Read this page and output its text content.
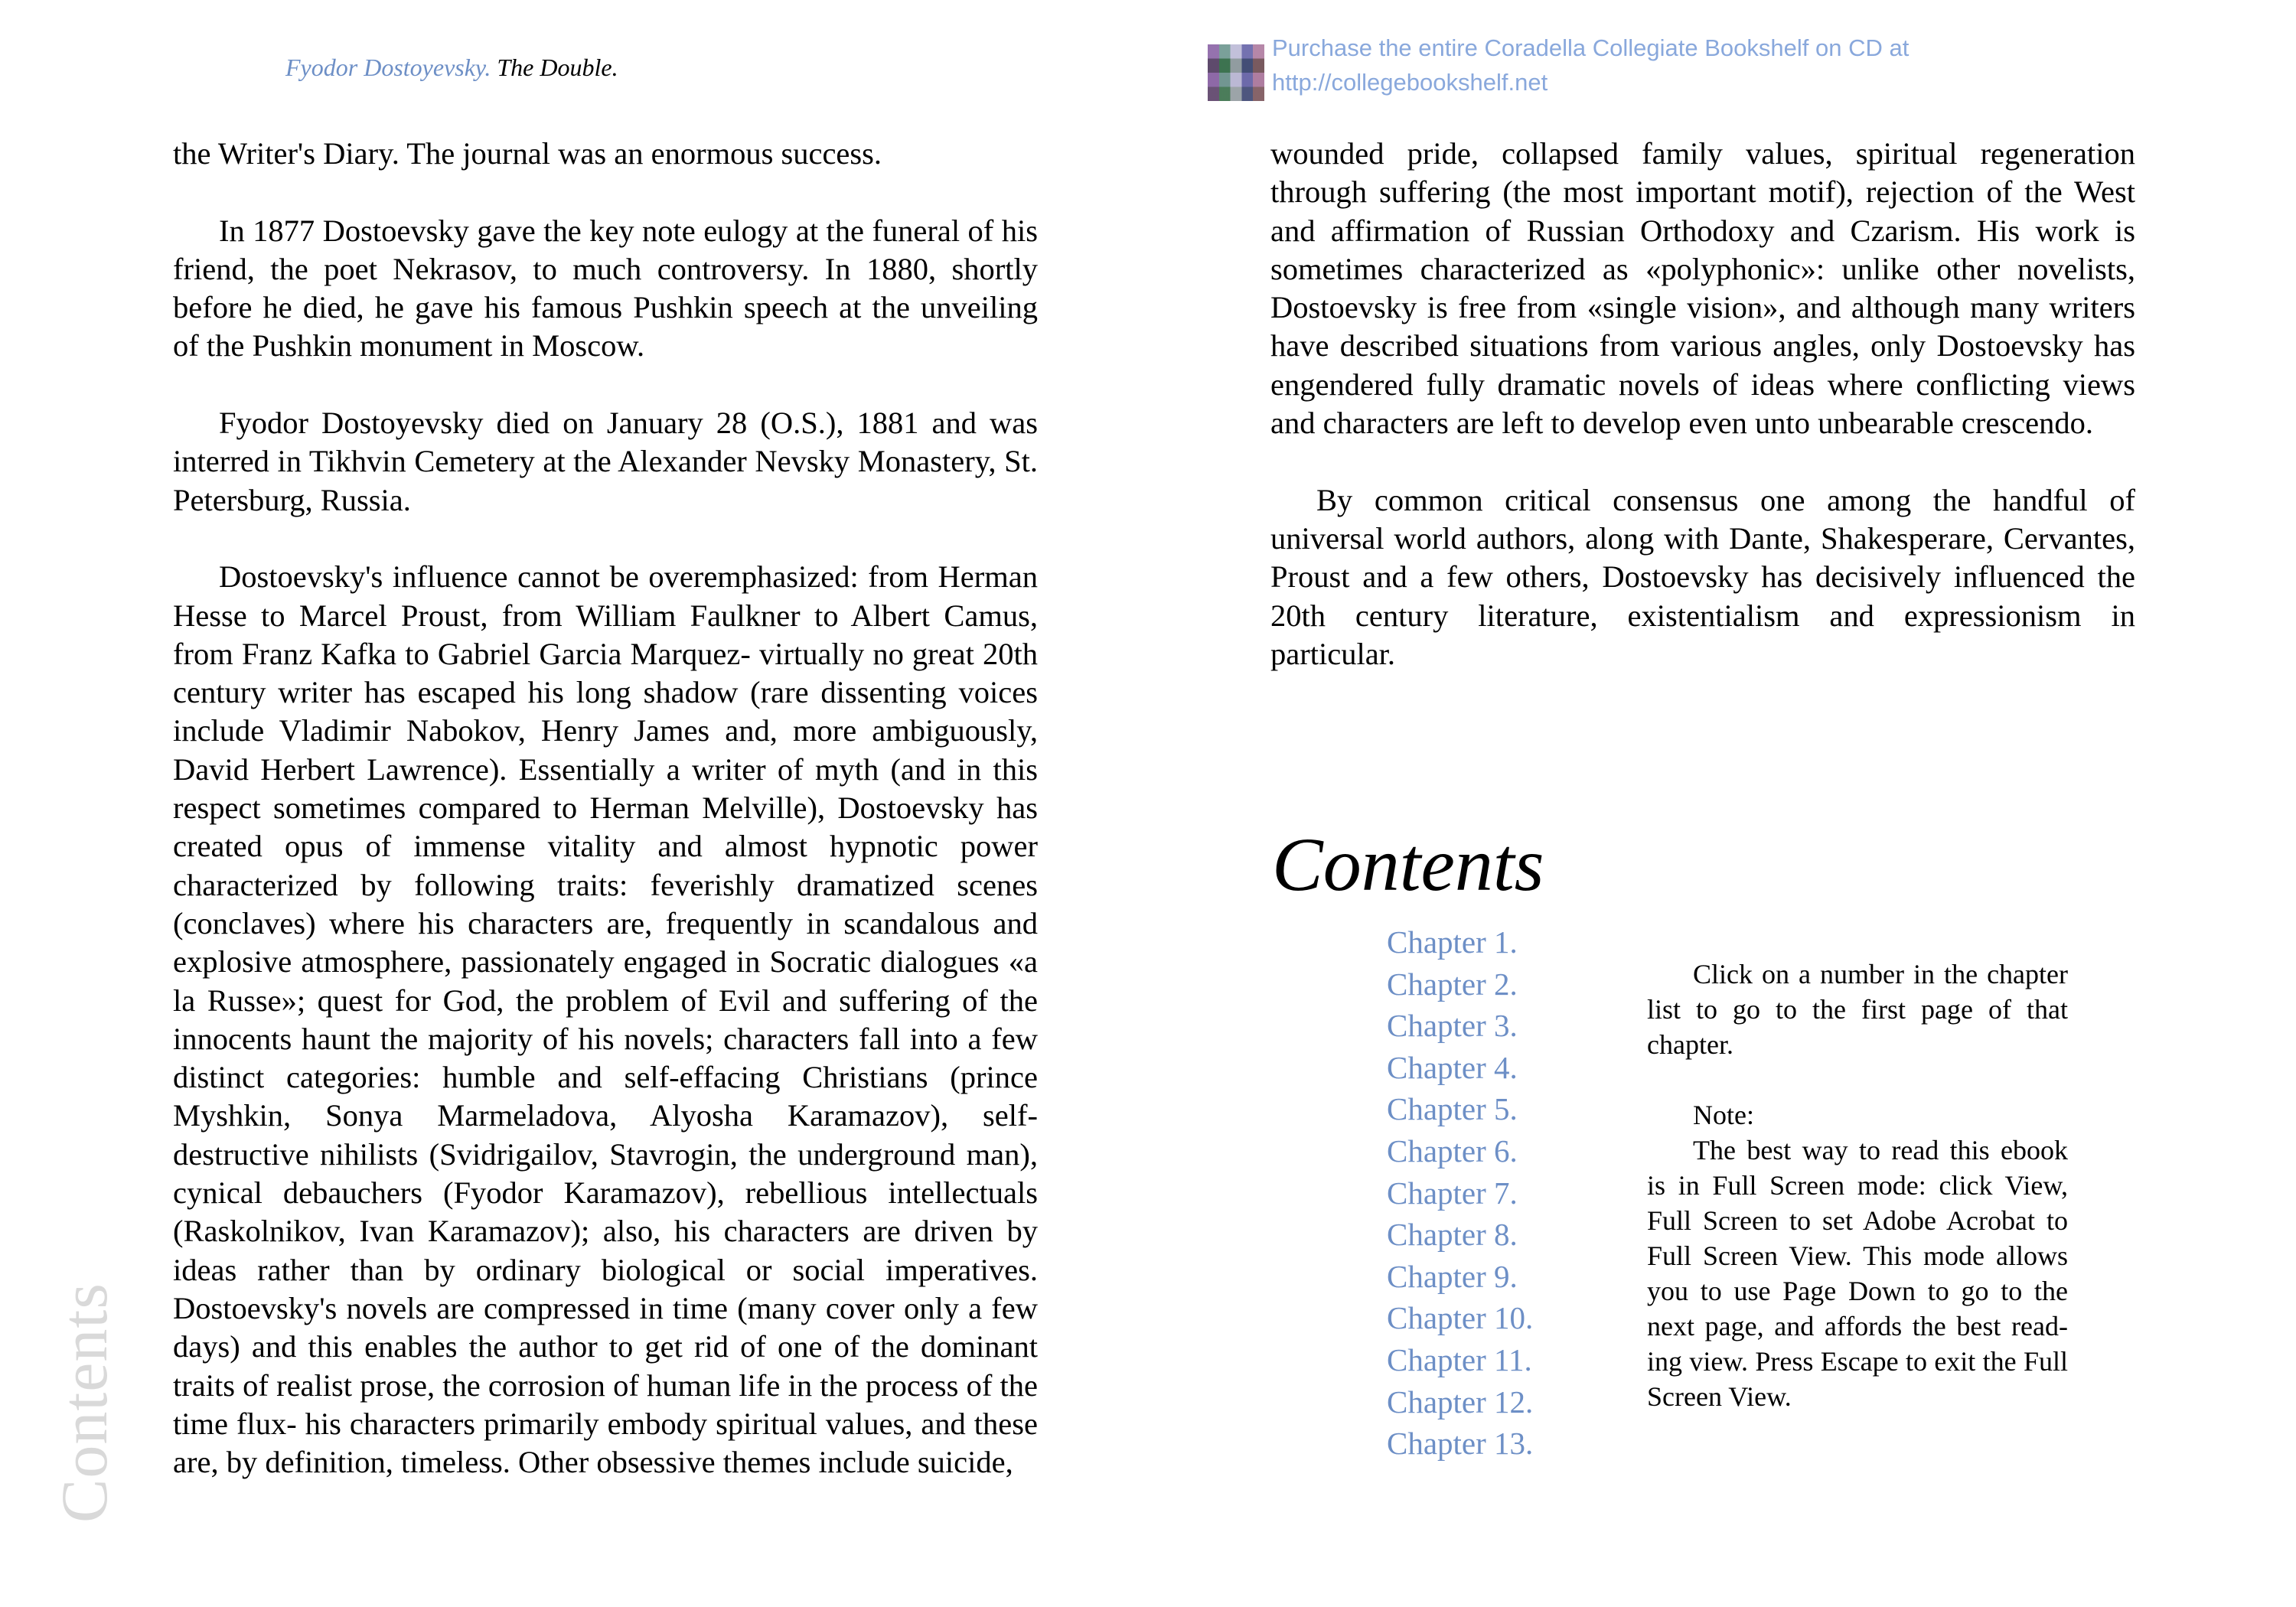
Fyodor Dostoyevsky. The Double.
Contents

the Writer's Diary. The journal was an enormous success.

In 1877 Dostoevsky gave the key note eulogy at the funeral of his friend, the poet Nekrasov, to much controversy. In 1880, shortly before he died, he gave his famous Pushkin speech at the unveiling of the Pushkin monument in Moscow.

Fyodor Dostoyevsky died on January 28 (O.S.), 1881 and was interred in Tikhvin Cemetery at the Alexander Nevsky Monastery, St. Petersburg, Russia.

Dostoevsky's influence cannot be overemphasized: from Herman Hesse to Marcel Proust, from William Faulkner to Albert Camus, from Franz Kafka to Gabriel Garcia Marquez- virtually no great 20th century writer has escaped his long shadow (rare dissenting voices include Vladimir Nabokov, Henry James and, more ambiguously, David Herbert Lawrence). Essentially a writer of myth (and in this respect sometimes compared to Herman Melville), Dostoevsky has created opus of immense vitality and almost hypnotic power characterized by following traits: feverishly dramatized scenes (conclaves) where his characters are, frequently in scandalous and explosive atmosphere, passionately engaged in Socratic dialogues «a la Russe»; quest for God, the problem of Evil and suffering of the innocents haunt the majority of his novels; characters fall into a few distinct categories: humble and self-effacing Christians (prince Myshkin, Sonya Marmeladova, Alyosha Karamazov), self-destructive nihilists (Svidrigailov, Stavrogin, the underground man), cynical debauchers (Fyodor Karamazov), rebellious intellectuals (Raskolnikov, Ivan Karamazov); also, his characters are driven by ideas rather than by ordinary biological or social imperatives. Dostoevsky's novels are compressed in time (many cover only a few days) and this enables the author to get rid of one of the dominant traits of realist prose, the corrosion of human life in the process of the time flux- his characters primarily embody spiritual values, and these are, by definition, timeless. Other obsessive themes include suicide,

Purchase the entire Coradella Collegiate Bookshelf on CD at
http://collegebookshelf.net

wounded pride, collapsed family values, spiritual regeneration through suffering (the most important motif), rejection of the West and affirmation of Russian Orthodoxy and Czarism. His work is sometimes characterized as «polyphonic»: unlike other novelists, Dostoevsky is free from «single vision», and although many writers have described situations from various angles, only Dostoevsky has engendered fully dramatic novels of ideas where conflicting views and characters are left to develop even unto unbearable crescendo.

By common critical consensus one among the handful of universal world authors, along with Dante, Shakesperare, Cervantes, Proust and a few others, Dostoevsky has decisively influenced the 20th century literature, existentialism and expressionism in particular.

Contents
Chapter 1.
Chapter 2.
Chapter 3.
Chapter 4.
Chapter 5.
Chapter 6.
Chapter 7.
Chapter 8.
Chapter 9.
Chapter 10.
Chapter 11.
Chapter 12.
Chapter 13.

Click on a number in the chapter list to go to the first page of that chapter.

Note:

The best way to read this ebook is in Full Screen mode: click View, Full Screen to set Adobe Acrobat to Full Screen View. This mode allows you to use Page Down to go to the next page, and affords the best reading view. Press Escape to exit the Full Screen View.
